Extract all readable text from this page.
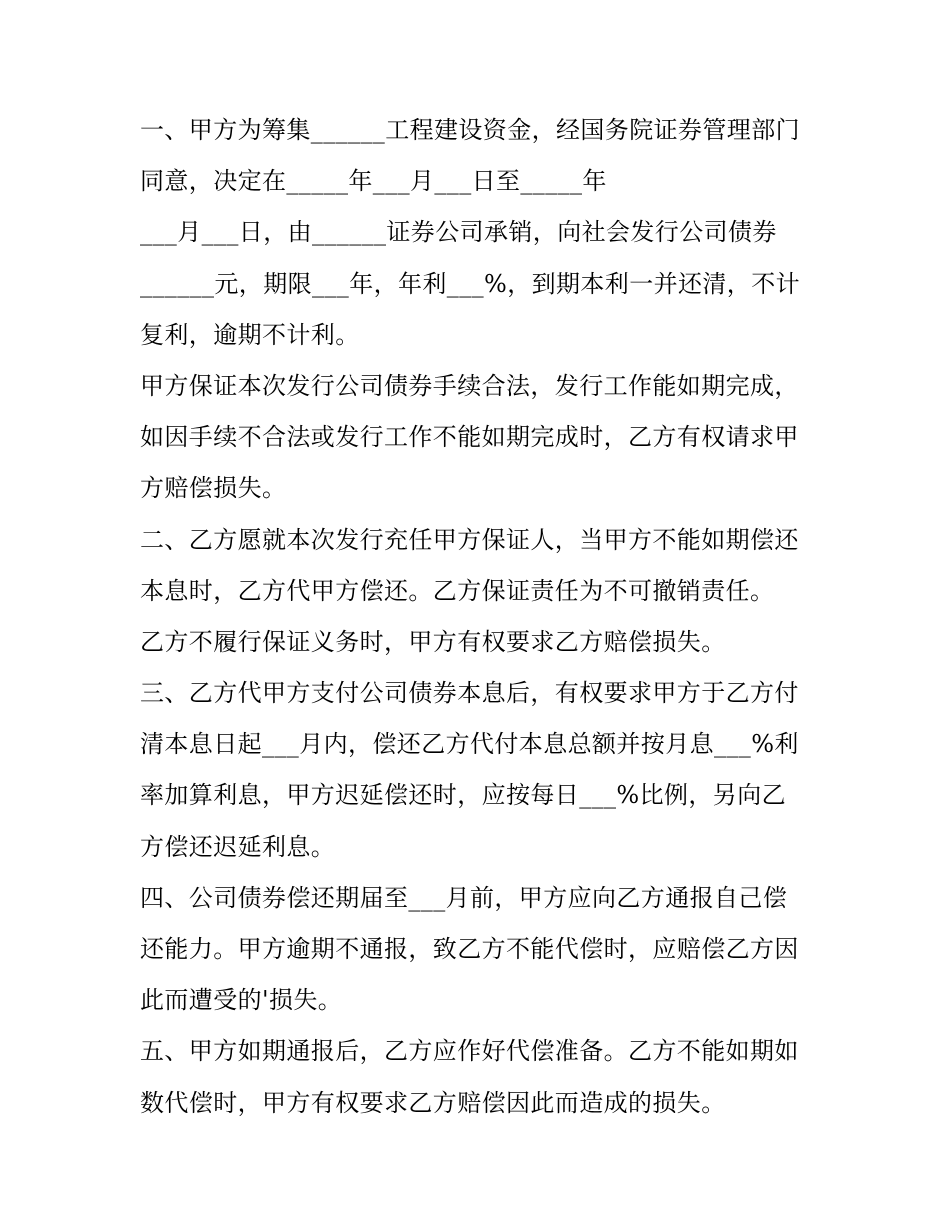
一、甲方为筹集______工程建设资金，经国务院证券管理部门
同意，决定在_____年___月___日至_____年
___月___日，由______证券公司承销，向社会发行公司债券
______元，期限___年，年利___%，到期本利一并还清，不计
复利，逾期不计利。
甲方保证本次发行公司债券手续合法，发行工作能如期完成，
如因手续不合法或发行工作不能如期完成时，乙方有权请求甲
方赔偿损失。
二、乙方愿就本次发行充任甲方保证人，当甲方不能如期偿还
本息时，乙方代甲方偿还。乙方保证责任为不可撤销责任。
乙方不履行保证义务时，甲方有权要求乙方赔偿损失。
三、乙方代甲方支付公司债券本息后，有权要求甲方于乙方付
清本息日起___月内，偿还乙方代付本息总额并按月息___%利
率加算利息，甲方迟延偿还时，应按每日___%比例，另向乙
方偿还迟延利息。
四、公司债券偿还期届至___月前，甲方应向乙方通报自己偿
还能力。甲方逾期不通报，致乙方不能代偿时，应赔偿乙方因
此而遭受的'损失。
五、甲方如期通报后，乙方应作好代偿准备。乙方不能如期如
数代偿时，甲方有权要求乙方赔偿因此而造成的损失。
